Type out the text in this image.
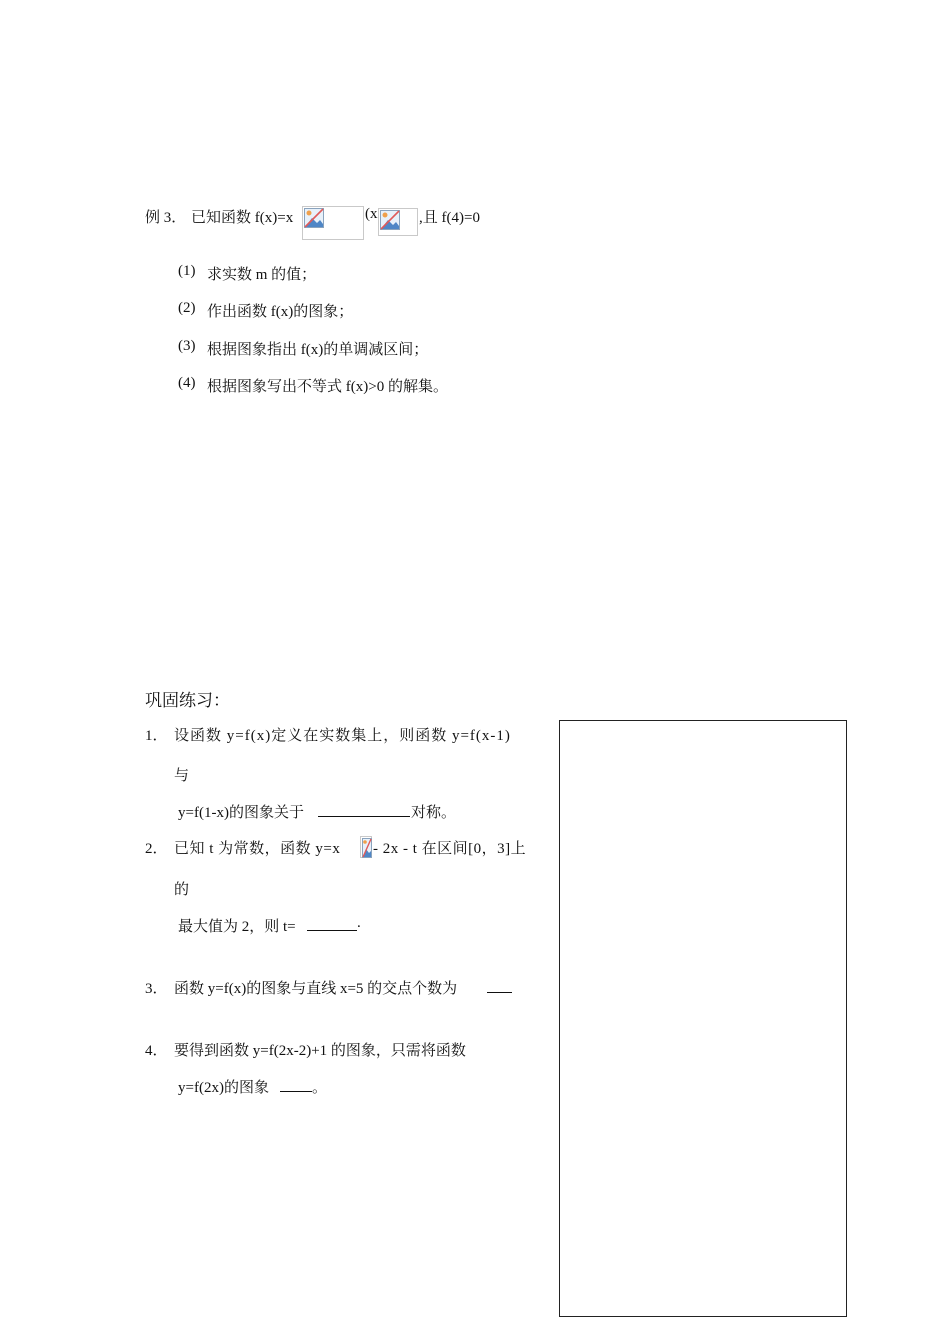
例 3． 已知函数 f(x)=x	(x	,且 f(4)=0
(1) 求实数 m 的值；
(2) 作出函数 f(x)的图象；
(3) 根据图象指出 f(x)的单调减区间；
(4) 根据图象写出不等式 f(x)>0 的解集。
巩固练习：
1． 设函数 y=f(x)定义在实数集上，则函数 y=f(x-1)
与
y=f(1-x)的图象关于	对称。
2． 已知 t 为常数，函数 y=x - 2x - t 在区间[0，3]上
的
最大值为 2，则 t=	.
3． 函数 y=f(x)的图象与直线 x=5 的交点个数为
4． 要得到函数 y=f(2x-2)+1 的图象，只需将函数
y=f(2x)的图象	。
